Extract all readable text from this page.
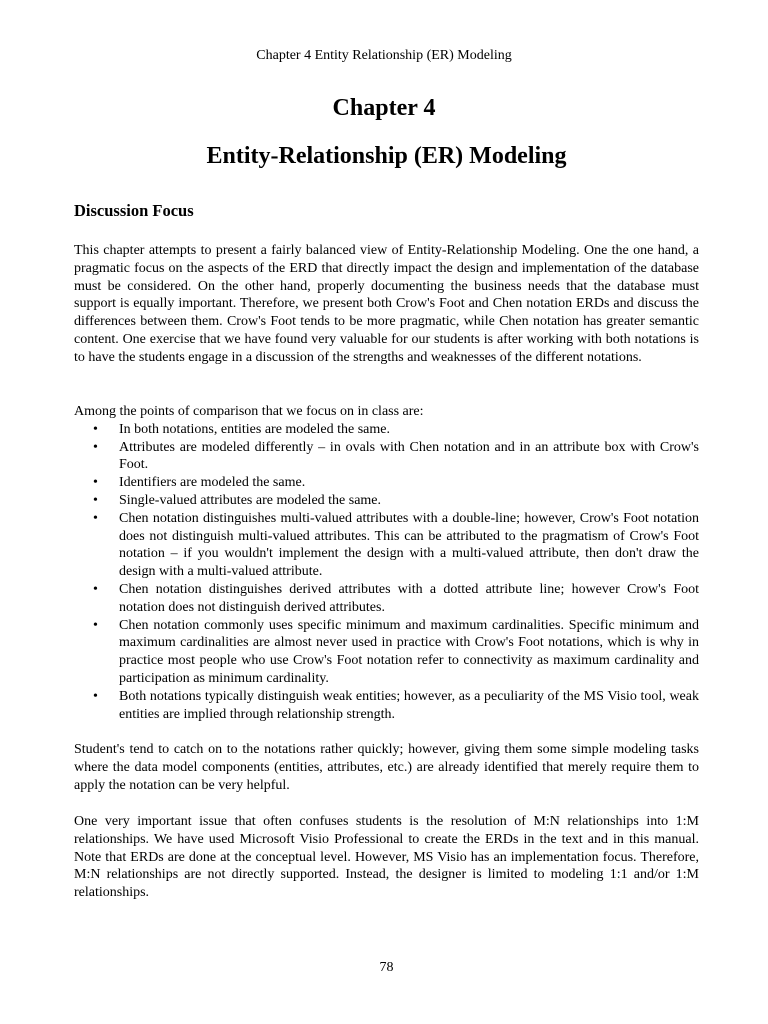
Chapter 4 Entity Relationship (ER) Modeling
Chapter 4
Entity-Relationship (ER) Modeling
Discussion Focus

This chapter attempts to present a fairly balanced view of Entity-Relationship Modeling. One the one hand, a pragmatic focus on the aspects of the ERD that directly impact the design and implementation of the database must be considered. On the other hand, properly documenting the business needs that the database must support is equally important. Therefore, we present both Crow's Foot and Chen notation ERDs and discuss the differences between them. Crow's Foot tends to be more pragmatic, while Chen notation has greater semantic content. One exercise that we have found very valuable for our students is after working with both notations is to have the students engage in a discussion of the strengths and weaknesses of the different notations.

Among the points of comparison that we focus on in class are:

• In both notations, entities are modeled the same.
• Attributes are modeled differently – in ovals with Chen notation and in an attribute box with Crow's Foot.
• Identifiers are modeled the same.
• Single-valued attributes are modeled the same.
• Chen notation distinguishes multi-valued attributes with a double-line; however, Crow's Foot notation does not distinguish multi-valued attributes. This can be attributed to the pragmatism of Crow's Foot notation – if you wouldn't implement the design with a multi-valued attribute, then don't draw the design with a multi-valued attribute.
• Chen notation distinguishes derived attributes with a dotted attribute line; however Crow's Foot notation does not distinguish derived attributes.
• Chen notation commonly uses specific minimum and maximum cardinalities. Specific minimum and maximum cardinalities are almost never used in practice with Crow's Foot notations, which is why in practice most people who use Crow's Foot notation refer to connectivity as maximum cardinality and participation as minimum cardinality.
• Both notations typically distinguish weak entities; however, as a peculiarity of the MS Visio tool, weak entities are implied through relationship strength.

Student's tend to catch on to the notations rather quickly; however, giving them some simple modeling tasks where the data model components (entities, attributes, etc.) are already identified that merely require them to apply the notation can be very helpful.

One very important issue that often confuses students is the resolution of M:N relationships into 1:M relationships. We have used Microsoft Visio Professional to create the ERDs in the text and in this manual. Note that ERDs are done at the conceptual level. However, MS Visio has an implementation focus. Therefore, M:N relationships are not directly supported. Instead, the designer is limited to modeling 1:1 and/or 1:M relationships.

78
